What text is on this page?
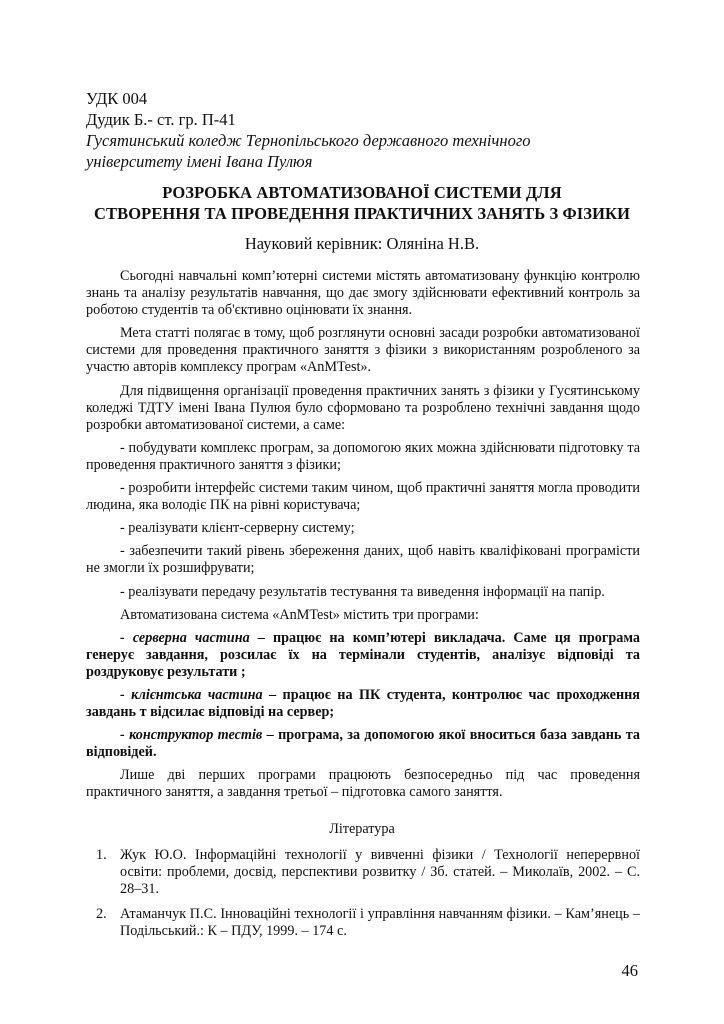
УДК 004
Дудик Б.- ст. гр. П-41
Гусятинський коледж Тернопільського державного технічного
університету імені Івана Пулюя
РОЗРОБКА АВТОМАТИЗОВАНОЇ СИСТЕМИ ДЛЯ
СТВОРЕННЯ ТА ПРОВЕДЕННЯ ПРАКТИЧНИХ ЗАНЯТЬ З ФІЗИКИ
Науковий керівник: Оляніна Н.В.

Сьогодні навчальні комп’ютерні системи містять автоматизовану функцію контролю знань та аналізу результатів навчання, що дає змогу здійснювати ефективний контроль за роботою студентів та об'єктивно оцінювати їх знання.

Мета статті полягає в тому, щоб розглянути основні засади розробки автоматизованої системи для проведення практичного заняття з фізики з використанням розробленого за участю авторів комплексу програм «AnMTest».

Для підвищення організації проведення практичних занять з фізики у Гусятинському коледжі ТДТУ імені Івана Пулюя було сформовано та розроблено технічні завдання щодо розробки автоматизованої системи, а саме:

- побудувати комплекс програм, за допомогою яких можна здійснювати підготовку та проведення практичного заняття з фізики;

- розробити інтерфейс системи таким чином, щоб практичні заняття могла проводити людина, яка володіє ПК на рівні користувача;

- реалізувати клієнт-серверну систему;

- забезпечити такий рівень збереження даних, щоб навіть кваліфіковані програмісти не змогли їх розшифрувати;

- реалізувати передачу результатів тестування та виведення інформації на папір.

Автоматизована система «AnMTest» містить три програми:

- серверна частина – працює на комп’ютері викладача. Саме ця програма генерує завдання, розсилає їх на термінали студентів, аналізує відповіді та роздруковує результати ;

- клієнтська частина – працює на ПК студента, контролює час проходження завдань т відсилає відповіді на сервер;

- конструктор тестів – програма, за допомогою якої вноситься база завдань та відповідей.

Лише дві перших програми працюють безпосередньо під час проведення практичного заняття, а завдання третьої – підготовка самого заняття.

Література
1. Жук Ю.О. Інформаційні технології у вивченні фізики / Технології неперервної освіти: проблеми, досвід, перспективи розвитку / Зб. статей. – Миколаїв, 2002. – С. 28–31.
2. Атаманчук П.С. Інноваційні технології і управління навчанням фізики. – Кам’янець – Подільський.: К – ПДУ, 1999. – 174 с.
46
